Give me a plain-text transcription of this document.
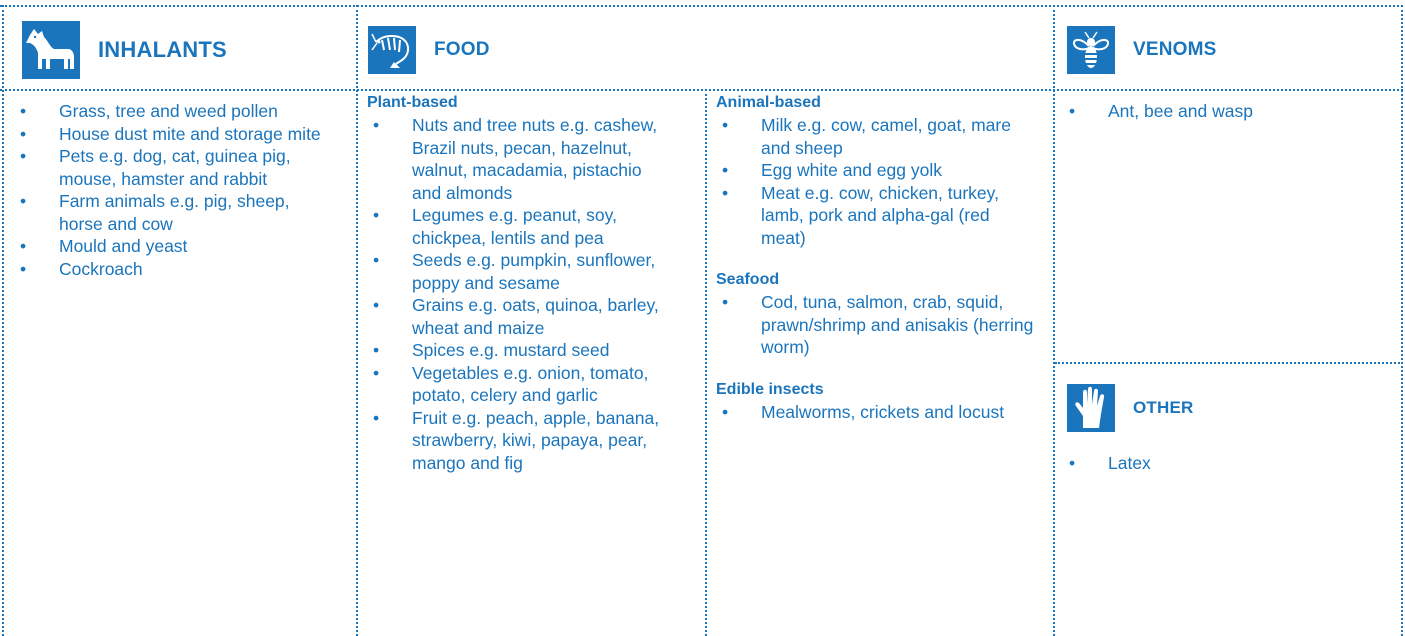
INHALANTS	FOOD	VENOMS
• Grass, tree and weed pollen
• House dust mite and storage mite
• Pets e.g. dog, cat, guinea pig, mouse, hamster and rabbit
• Farm animals e.g. pig, sheep, horse and cow
• Mould and yeast
• Cockroach
Plant-based
• Nuts and tree nuts e.g. cashew, Brazil nuts, pecan, hazelnut, walnut, macadamia, pistachio and almonds
• Legumes e.g. peanut, soy, chickpea, lentils and pea
• Seeds e.g. pumpkin, sunflower, poppy and sesame
• Grains e.g. oats, quinoa, barley, wheat and maize
• Spices e.g. mustard seed
• Vegetables e.g. onion, tomato, potato, celery and garlic
• Fruit e.g. peach, apple, banana, strawberry, kiwi, papaya, pear, mango and fig
Animal-based
• Milk e.g. cow, camel, goat, mare and sheep
• Egg white and egg yolk
• Meat e.g. cow, chicken, turkey, lamb, pork and alpha-gal (red meat)
Seafood
• Cod, tuna, salmon, crab, squid, prawn/shrimp and anisakis (herring worm)
Edible insects
• Mealworms, crickets and locust
• Ant, bee and wasp
OTHER
• Latex
